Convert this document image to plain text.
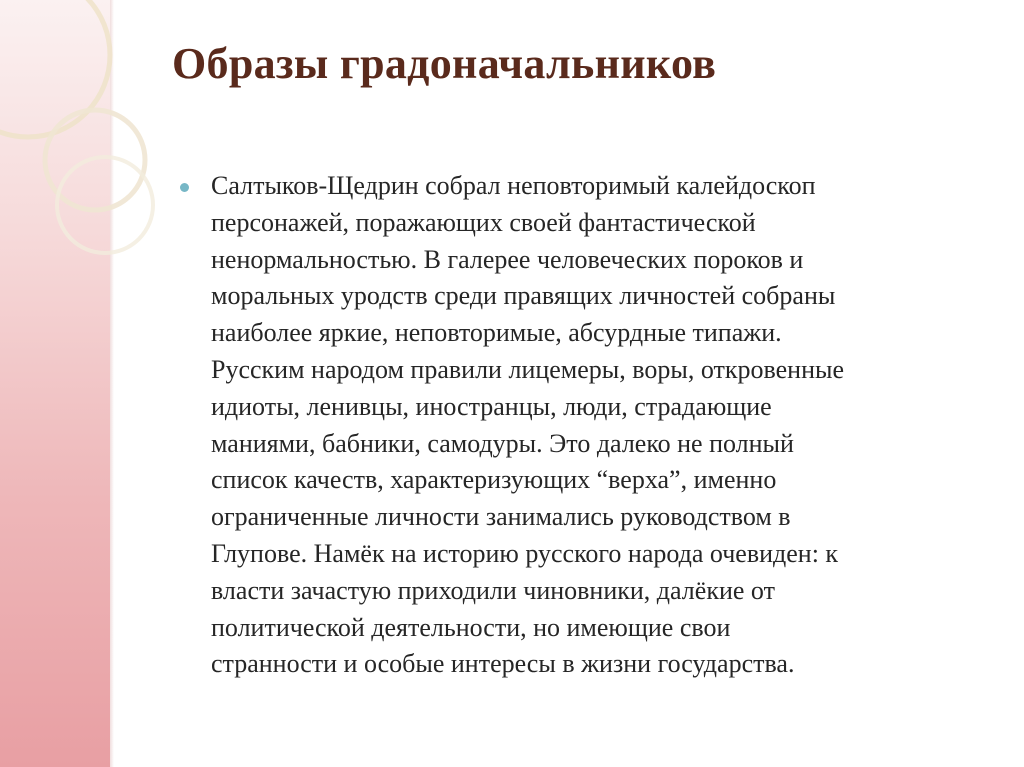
Образы градоначальников

Салтыков-Щедрин собрал неповторимый калейдоскоп
персонажей, поражающих своей фантастической
ненормальностью. В галерее человеческих пороков и
моральных уродств среди правящих личностей собраны
наиболее яркие, неповторимые, абсурдные типажи.
Русским народом правили лицемеры, воры, откровенные
идиоты, ленивцы, иностранцы, люди, страдающие
маниями, бабники, самодуры. Это далеко не полный
список качеств, характеризующих “верха”, именно
ограниченные личности занимались руководством в
Глупове. Намёк на историю русского народа очевиден: к
власти зачастую приходили чиновники, далёкие от
политической деятельности, но имеющие свои
странности и особые интересы в жизни государства.
